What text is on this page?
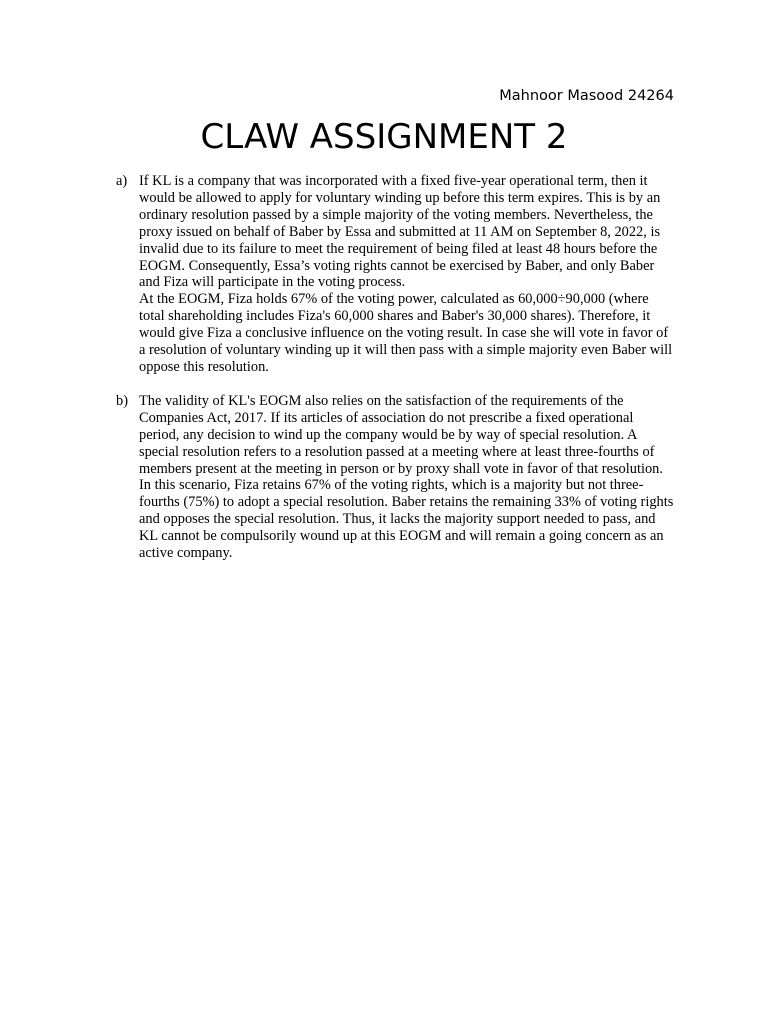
Mahnoor Masood 24264
CLAW ASSIGNMENT 2
a) If KL is a company that was incorporated with a fixed five-year operational term, then it would be allowed to apply for voluntary winding up before this term expires. This is by an ordinary resolution passed by a simple majority of the voting members. Nevertheless, the proxy issued on behalf of Baber by Essa and submitted at 11 AM on September 8, 2022, is invalid due to its failure to meet the requirement of being filed at least 48 hours before the EOGM. Consequently, Essa’s voting rights cannot be exercised by Baber, and only Baber and Fiza will participate in the voting process.

At the EOGM, Fiza holds 67% of the voting power, calculated as 60,000÷90,000 (where total shareholding includes Fiza's 60,000 shares and Baber's 30,000 shares). Therefore, it would give Fiza a conclusive influence on the voting result. In case she will vote in favor of a resolution of voluntary winding up it will then pass with a simple majority even Baber will oppose this resolution.

b) The validity of KL's EOGM also relies on the satisfaction of the requirements of the Companies Act, 2017. If its articles of association do not prescribe a fixed operational period, any decision to wind up the company would be by way of special resolution. A special resolution refers to a resolution passed at a meeting where at least three-fourths of members present at the meeting in person or by proxy shall vote in favor of that resolution.

In this scenario, Fiza retains 67% of the voting rights, which is a majority but not three-fourths (75%) to adopt a special resolution. Baber retains the remaining 33% of voting rights and opposes the special resolution. Thus, it lacks the majority support needed to pass, and KL cannot be compulsorily wound up at this EOGM and will remain a going concern as an active company.
